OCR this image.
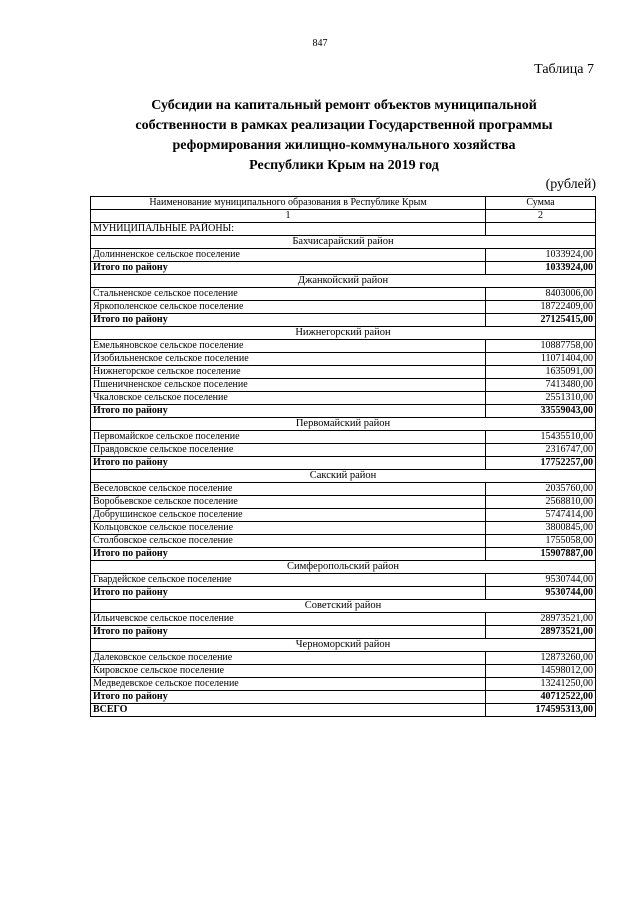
847
Таблица 7
Субсидии на капитальный ремонт объектов муниципальной
собственности в рамках реализации Государственной программы
реформирования жилищно-коммунального хозяйства
Республики Крым на 2019 год
(рублей)
Наименование муниципального образования в Республике Крым	Сумма
1	2
МУНИЦИПАЛЬНЫЕ РАЙОНЫ:	
Бахчисарайский район	
Долинненское сельское поселение	1033924,00
Итого по району	1033924,00
Джанкойский район	
Стальненское сельское поселение	8403006,00
Яркополенское сельское поселение	18722409,00
Итого по району	27125415,00
Нижнегорский район	
Емельяновское сельское поселение	10887758,00
Изобильненское сельское поселение	11071404,00
Нижнегорское сельское поселение	1635091,00
Пшеничненское сельское поселение	7413480,00
Чкаловское сельское поселение	2551310,00
Итого по району	33559043,00
Первомайский район	
Первомайское сельское поселение	15435510,00
Правдовское сельское поселение	2316747,00
Итого по району	17752257,00
Сакский район	
Веселовское сельское поселение	2035760,00
Воробьевское сельское поселение	2568810,00
Добрушинское сельское поселение	5747414,00
Кольцовское сельское поселение	3800845,00
Столбовское сельское поселение	1755058,00
Итого по району	15907887,00
Симферопольский район	
Гвардейское сельское поселение	9530744,00
Итого по району	9530744,00
Советский район	
Ильичевское сельское поселение	28973521,00
Итого по району	28973521,00
Черноморский район	
Далековское сельское поселение	12873260,00
Кировское сельское поселение	14598012,00
Медведевское сельское поселение	13241250,00
Итого по району	40712522,00
ВСЕГО	174595313,00
